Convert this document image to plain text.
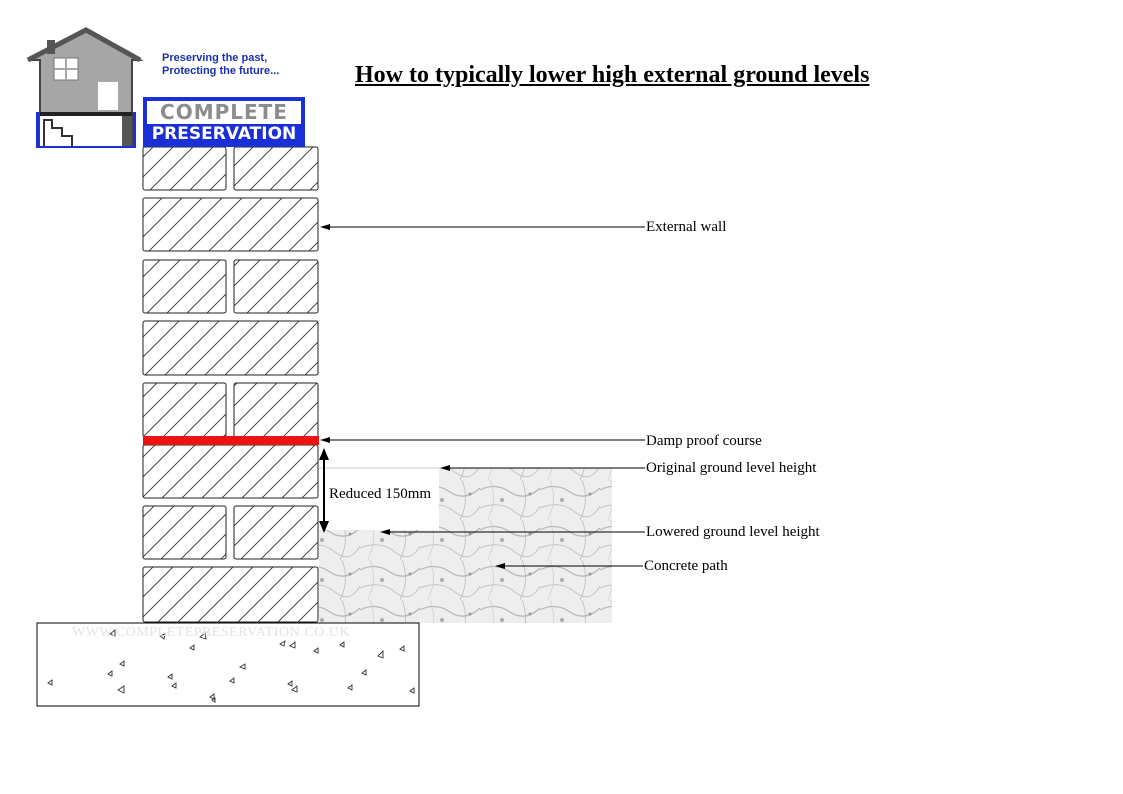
WWW.COMPLETEPRESERVATION.CO.UK
Preserving the past,
Protecting the future...
COMPLETE
PRESERVATION
How to typically lower high external ground levels
External wall
Damp proof course
Original ground level height
Reduced 150mm
Lowered ground level height
Concrete path
